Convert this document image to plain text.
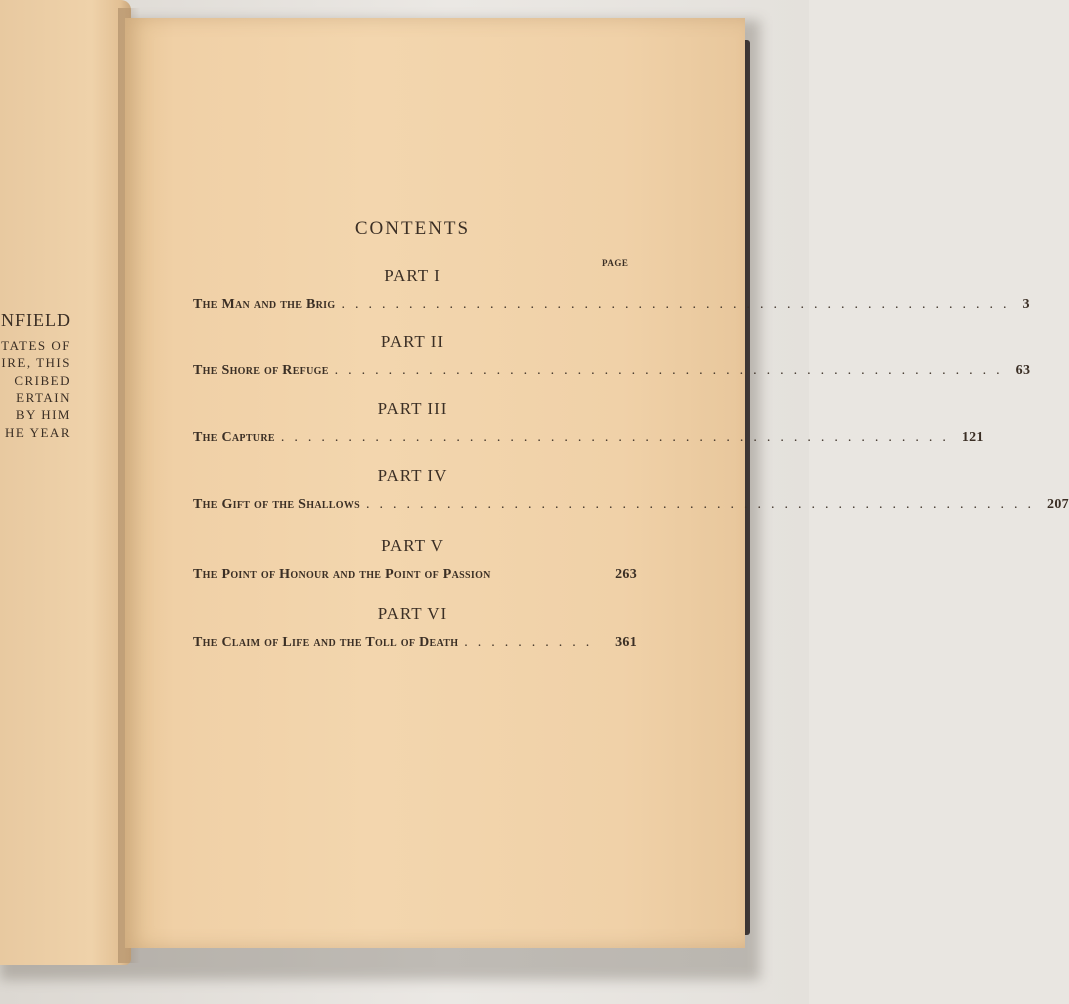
NFIELD
TATES OF
IRE, THIS
CRIBED
ERTAIN
BY HIM
HE YEAR
CONTENTS
PAGE
PART I
The Man and the Brig .................................................. 3
PART II
The Shore of Refuge .................................................. 63
PART III
The Capture .................................................. 121
PART IV
The Gift of the Shallows .................................................. 207
PART V
The Point of Honour and the Point of Passion	263
PART VI
The Claim of Life and the Toll of Death ..........	361
